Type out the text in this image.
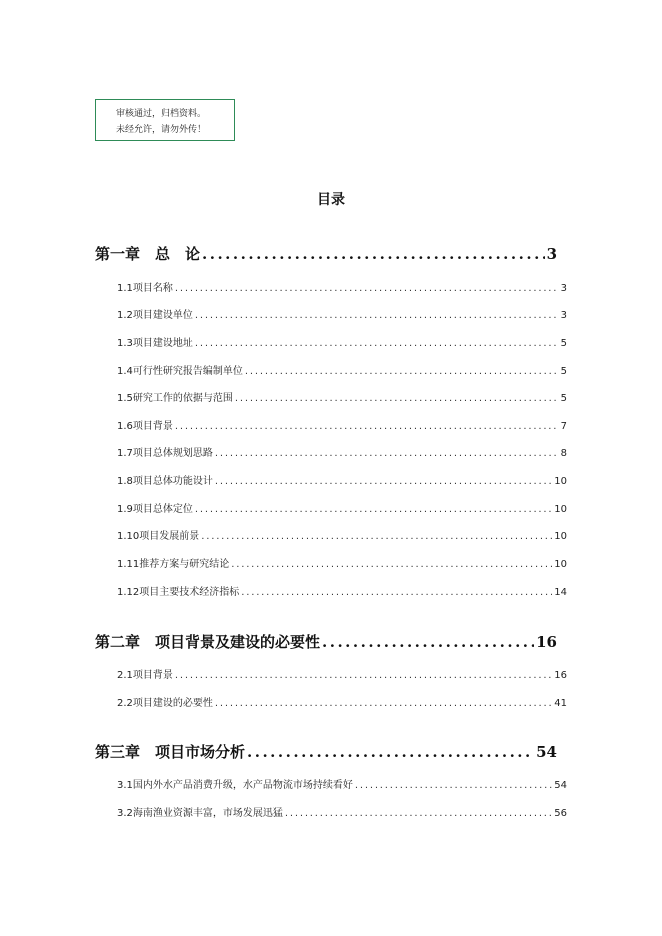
审核通过，归档资料。
未经允许，请勿外传！
目录
第一章　总　论 .....	3
1.1项目名称 .....	3
1.2项目建设单位 .....	3
1.3项目建设地址 .....	5
1.4可行性研究报告编制单位 .....	5
1.5研究工作的依据与范围 .....	5
1.6项目背景 .....	7
1.7项目总体规划思路 .....	8
1.8项目总体功能设计 .....	10
1.9项目总体定位 .....	10
1.10项目发展前景 .....	10
1.11推荐方案与研究结论 .....	10
1.12项目主要技术经济指标 .....	14
第二章　项目背景及建设的必要性 .....	16
2.1项目背景 .....	16
2.2项目建设的必要性 .....	41
第三章　项目市场分析 .....	54
3.1国内外水产品消费升级，水产品物流市场持续看好 .....	54
3.2海南渔业资源丰富，市场发展迅猛 .....	56
